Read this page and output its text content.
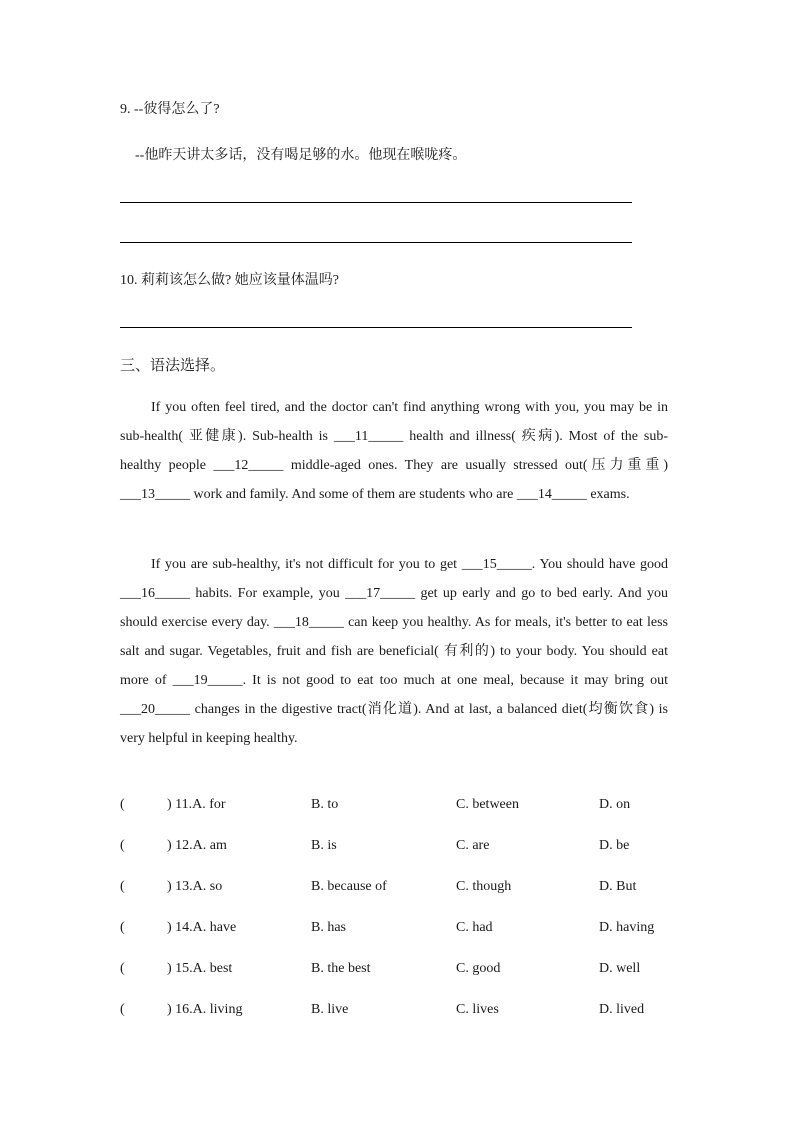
9. --彼得怎么了?
--他昨天讲太多话，没有喝足够的水。他现在喉咙疼。
10. 莉莉该怎么做? 她应该量体温吗?
三、语法选择。
If you often feel tired, and the doctor can't find anything wrong with you, you may be in sub-health( 亚健康). Sub-health is ___11_____ health and illness( 疾病). Most of the sub-healthy people ___12_____ middle-aged ones. They are usually stressed out(压力重重) ___13_____ work and family. And some of them are students who are ___14_____ exams.
If you are sub-healthy, it's not difficult for you to get ___15_____. You should have good ___16_____ habits. For example, you ___17_____ get up early and go to bed early. And you should exercise every day. ___18_____ can keep you healthy. As for meals, it's better to eat less salt and sugar. Vegetables, fruit and fish are beneficial( 有利的) to your body. You should eat more of ___19_____. It is not good to eat too much at one meal, because it may bring out ___20_____ changes in the digestive tract(消化道). And at last, a balanced diet(均衡饮食) is very helpful in keeping healthy.
(	) 11.A. for	B. to	C. between	D. on
(	) 12.A. am	B. is	C. are	D. be
(	) 13.A. so	B. because of	C. though	D. But
(	) 14.A. have	B. has	C. had	D. having
(	) 15.A. best	B. the best	C. good	D. well
(	) 16.A. living	B. live	C. lives	D. lived
